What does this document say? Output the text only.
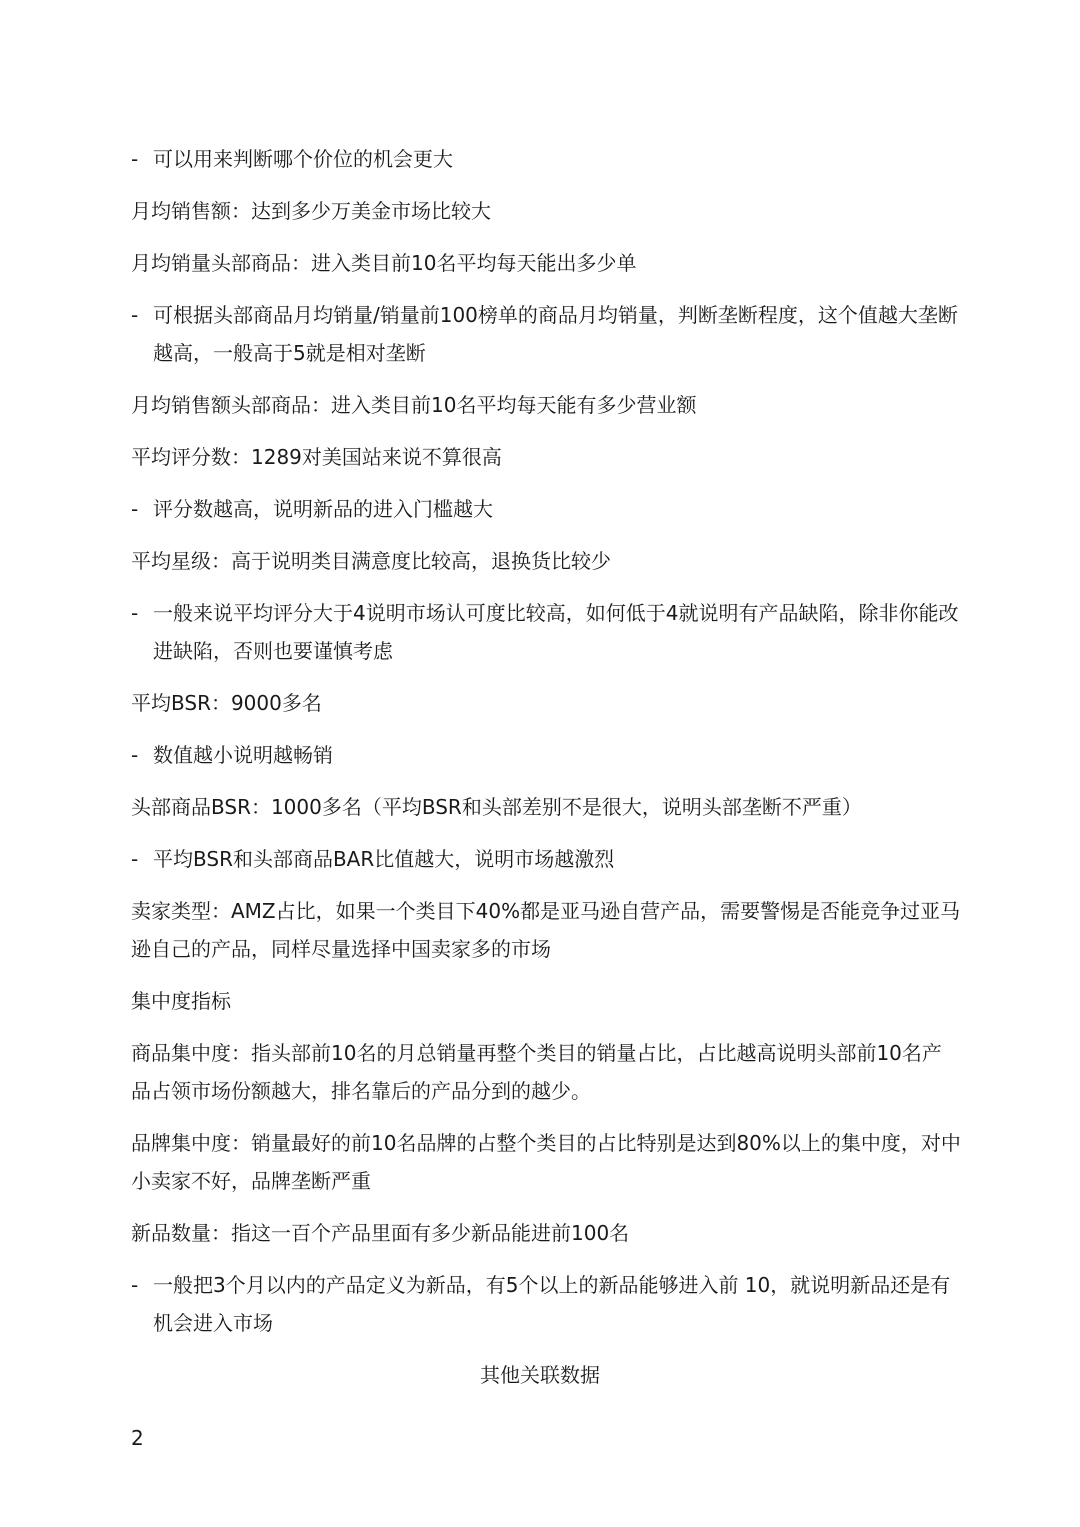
- 可以用来判断哪个价位的机会更大

月均销售额：达到多少万美金市场比较大

月均销量头部商品：进入类目前10名平均每天能出多少单

- 可根据头部商品月均销量/销量前100榜单的商品月均销量，判断垄断程度，这个值越大垄断越高，一般高于5就是相对垄断

月均销售额头部商品：进入类目前10名平均每天能有多少营业额

平均评分数：1289对美国站来说不算很高

- 评分数越高，说明新品的进入门槛越大

平均星级：高于说明类目满意度比较高，退换货比较少

- 一般来说平均评分大于4说明市场认可度比较高，如何低于4就说明有产品缺陷，除非你能改进缺陷，否则也要谨慎考虑

平均BSR：9000多名

- 数值越小说明越畅销

头部商品BSR：1000多名（平均BSR和头部差别不是很大，说明头部垄断不严重）

- 平均BSR和头部商品BAR比值越大，说明市场越激烈

卖家类型：AMZ占比，如果一个类目下40%都是亚马逊自营产品，需要警惕是否能竞争过亚马逊自己的产品，同样尽量选择中国卖家多的市场

集中度指标

商品集中度：指头部前10名的月总销量再整个类目的销量占比，占比越高说明头部前10名产品占领市场份额越大，排名靠后的产品分到的越少。

品牌集中度：销量最好的前10名品牌的占整个类目的占比特别是达到80%以上的集中度，对中小卖家不好，品牌垄断严重

新品数量：指这一百个产品里面有多少新品能进前100名

- 一般把3个月以内的产品定义为新品，有5个以上的新品能够进入前 10，就说明新品还是有机会进入市场
其他关联数据
2
